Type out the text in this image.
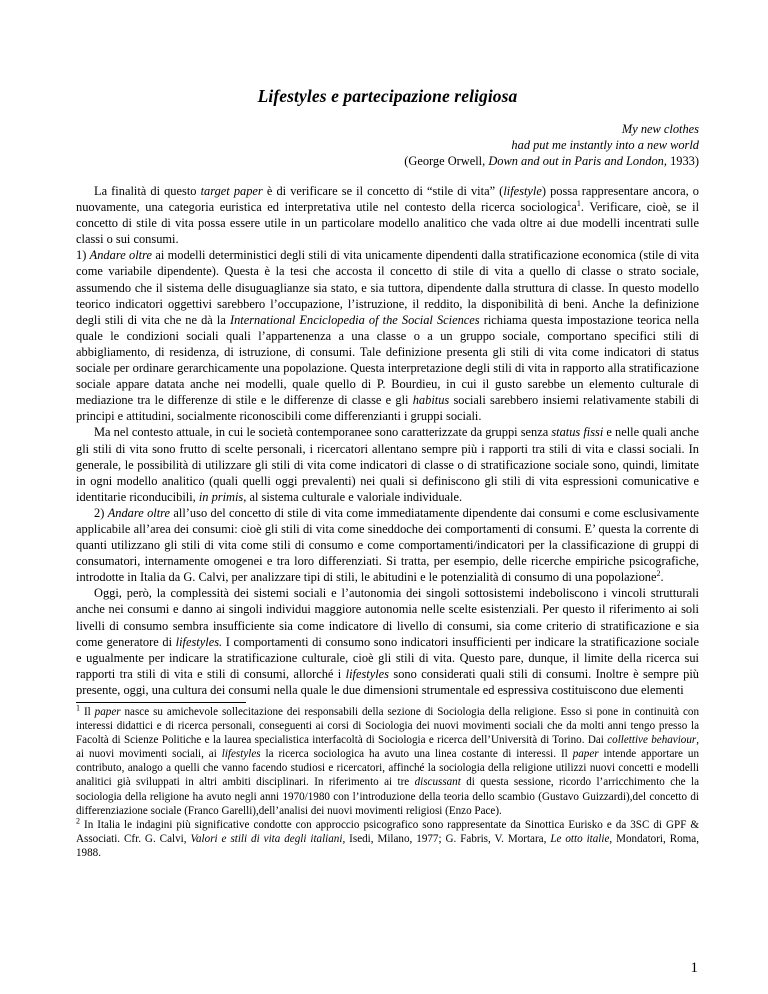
Lifestyles e partecipazione religiosa
My new clothes
had put me instantly into a new world
(George Orwell, Down and out in Paris and London, 1933)

La finalità di questo target paper è di verificare se il concetto di “stile di vita” (lifestyle) possa rappresentare ancora, o nuovamente, una categoria euristica ed interpretativa utile nel contesto della ricerca sociologica$^1$. Verificare, cioè, se il concetto di stile di vita possa essere utile in un particolare modello analitico che vada oltre ai due modelli incentrati sulle classi o sui consumi.

1) Andare oltre ai modelli deterministici degli stili di vita unicamente dipendenti dalla stratificazione economica (stile di vita come variabile dipendente). Questa è la tesi che accosta il concetto di stile di vita a quello di classe o strato sociale, assumendo che il sistema delle disuguaglianze sia stato, e sia tuttora, dipendente dalla struttura di classe. In questo modello teorico indicatori oggettivi sarebbero l’occupazione, l’istruzione, il reddito, la disponibilità di beni. Anche la definizione degli stili di vita che ne dà la International Enciclopedia of the Social Sciences richiama questa impostazione teorica nella quale le condizioni sociali quali l’appartenenza a una classe o a un gruppo sociale, comportano specifici stili di abbigliamento, di residenza, di istruzione, di consumi. Tale definizione presenta gli stili di vita come indicatori di status sociale per ordinare gerarchicamente una popolazione. Questa interpretazione degli stili di vita in rapporto alla stratificazione sociale appare datata anche nei modelli, quale quello di P. Bourdieu, in cui il gusto sarebbe un elemento culturale di mediazione tra le differenze di stile e le differenze di classe e gli habitus sociali sarebbero insiemi relativamente stabili di principi e attitudini, socialmente riconoscibili come differenzianti i gruppi sociali.

Ma nel contesto attuale, in cui le società contemporanee sono caratterizzate da gruppi senza status fissi e nelle quali anche gli stili di vita sono frutto di scelte personali, i ricercatori allentano sempre più i rapporti tra stili di vita e classi sociali. In generale, le possibilità di utilizzare gli stili di vita come indicatori di classe o di stratificazione sociale sono, quindi, limitate in ogni modello analitico (quali quelli oggi prevalenti) nei quali si definiscono gli stili di vita espressioni comunicative e identitarie riconducibili, in primis, al sistema culturale e valoriale individuale.

2) Andare oltre all’uso del concetto di stile di vita come immediatamente dipendente dai consumi e come esclusivamente applicabile all’area dei consumi: cioè gli stili di vita come sineddoche dei comportamenti di consumi. E’ questa la corrente di quanti utilizzano gli stili di vita come stili di consumo e come comportamenti/indicatori per la classificazione di gruppi di consumatori, internamente omogenei e tra loro differenziati. Si tratta, per esempio, delle ricerche empiriche psicografiche, introdotte in Italia da G. Calvi, per analizzare tipi di stili, le abitudini e le potenzialità di consumo di una popolazione$^2$.

Oggi, però, la complessità dei sistemi sociali e l’autonomia dei singoli sottosistemi indeboliscono i vincoli strutturali anche nei consumi e danno ai singoli individui maggiore autonomia nelle scelte esistenziali. Per questo il riferimento ai soli livelli di consumo sembra insufficiente sia come indicatore di livello di consumi, sia come criterio di stratificazione e sia come generatore di lifestyles. I comportamenti di consumo sono indicatori insufficienti per indicare la stratificazione sociale e ugualmente per indicare la stratificazione culturale, cioè gli stili di vita. Questo pare, dunque, il limite della ricerca sui rapporti tra stili di vita e stili di consumi, allorché i lifestyles sono considerati quali stili di consumi. Inoltre è sempre più presente, oggi, una cultura dei consumi nella quale le due dimensioni strumentale ed espressiva costituiscono due elementi

$^1$ Il paper nasce su amichevole sollecitazione dei responsabili della sezione di Sociologia della religione. Esso si pone in continuità con interessi didattici e di ricerca personali, conseguenti ai corsi di Sociologia dei nuovi movimenti sociali che da molti anni tengo presso la Facoltà di Scienze Politiche e la laurea specialistica interfacoltà di Sociologia e ricerca dell’Università di Torino. Dai collettive behaviour, ai nuovi movimenti sociali, ai lifestyles la ricerca sociologica ha avuto una linea costante di interessi. Il paper intende apportare un contributo, analogo a quelli che vanno facendo studiosi e ricercatori, affinché la sociologia della religione utilizzi nuovi concetti e modelli analitici già sviluppati in altri ambiti disciplinari. In riferimento ai tre discussant di questa sessione, ricordo l’arricchimento che la sociologia della religione ha avuto negli anni 1970/1980 con l’introduzione della teoria dello scambio (Gustavo Guizzardi),del concetto di differenziazione sociale (Franco Garelli),dell’analisi dei nuovi movimenti religiosi (Enzo Pace).

$^2$ In Italia le indagini più significative condotte con approccio psicografico sono rappresentate da Sinottica Eurisko e da 3SC di GPF & Associati. Cfr. G. Calvi, Valori e stili di vita degli italiani, Isedi, Milano, 1977; G. Fabris, V. Mortara, Le otto italie, Mondatori, Roma, 1988.

1
